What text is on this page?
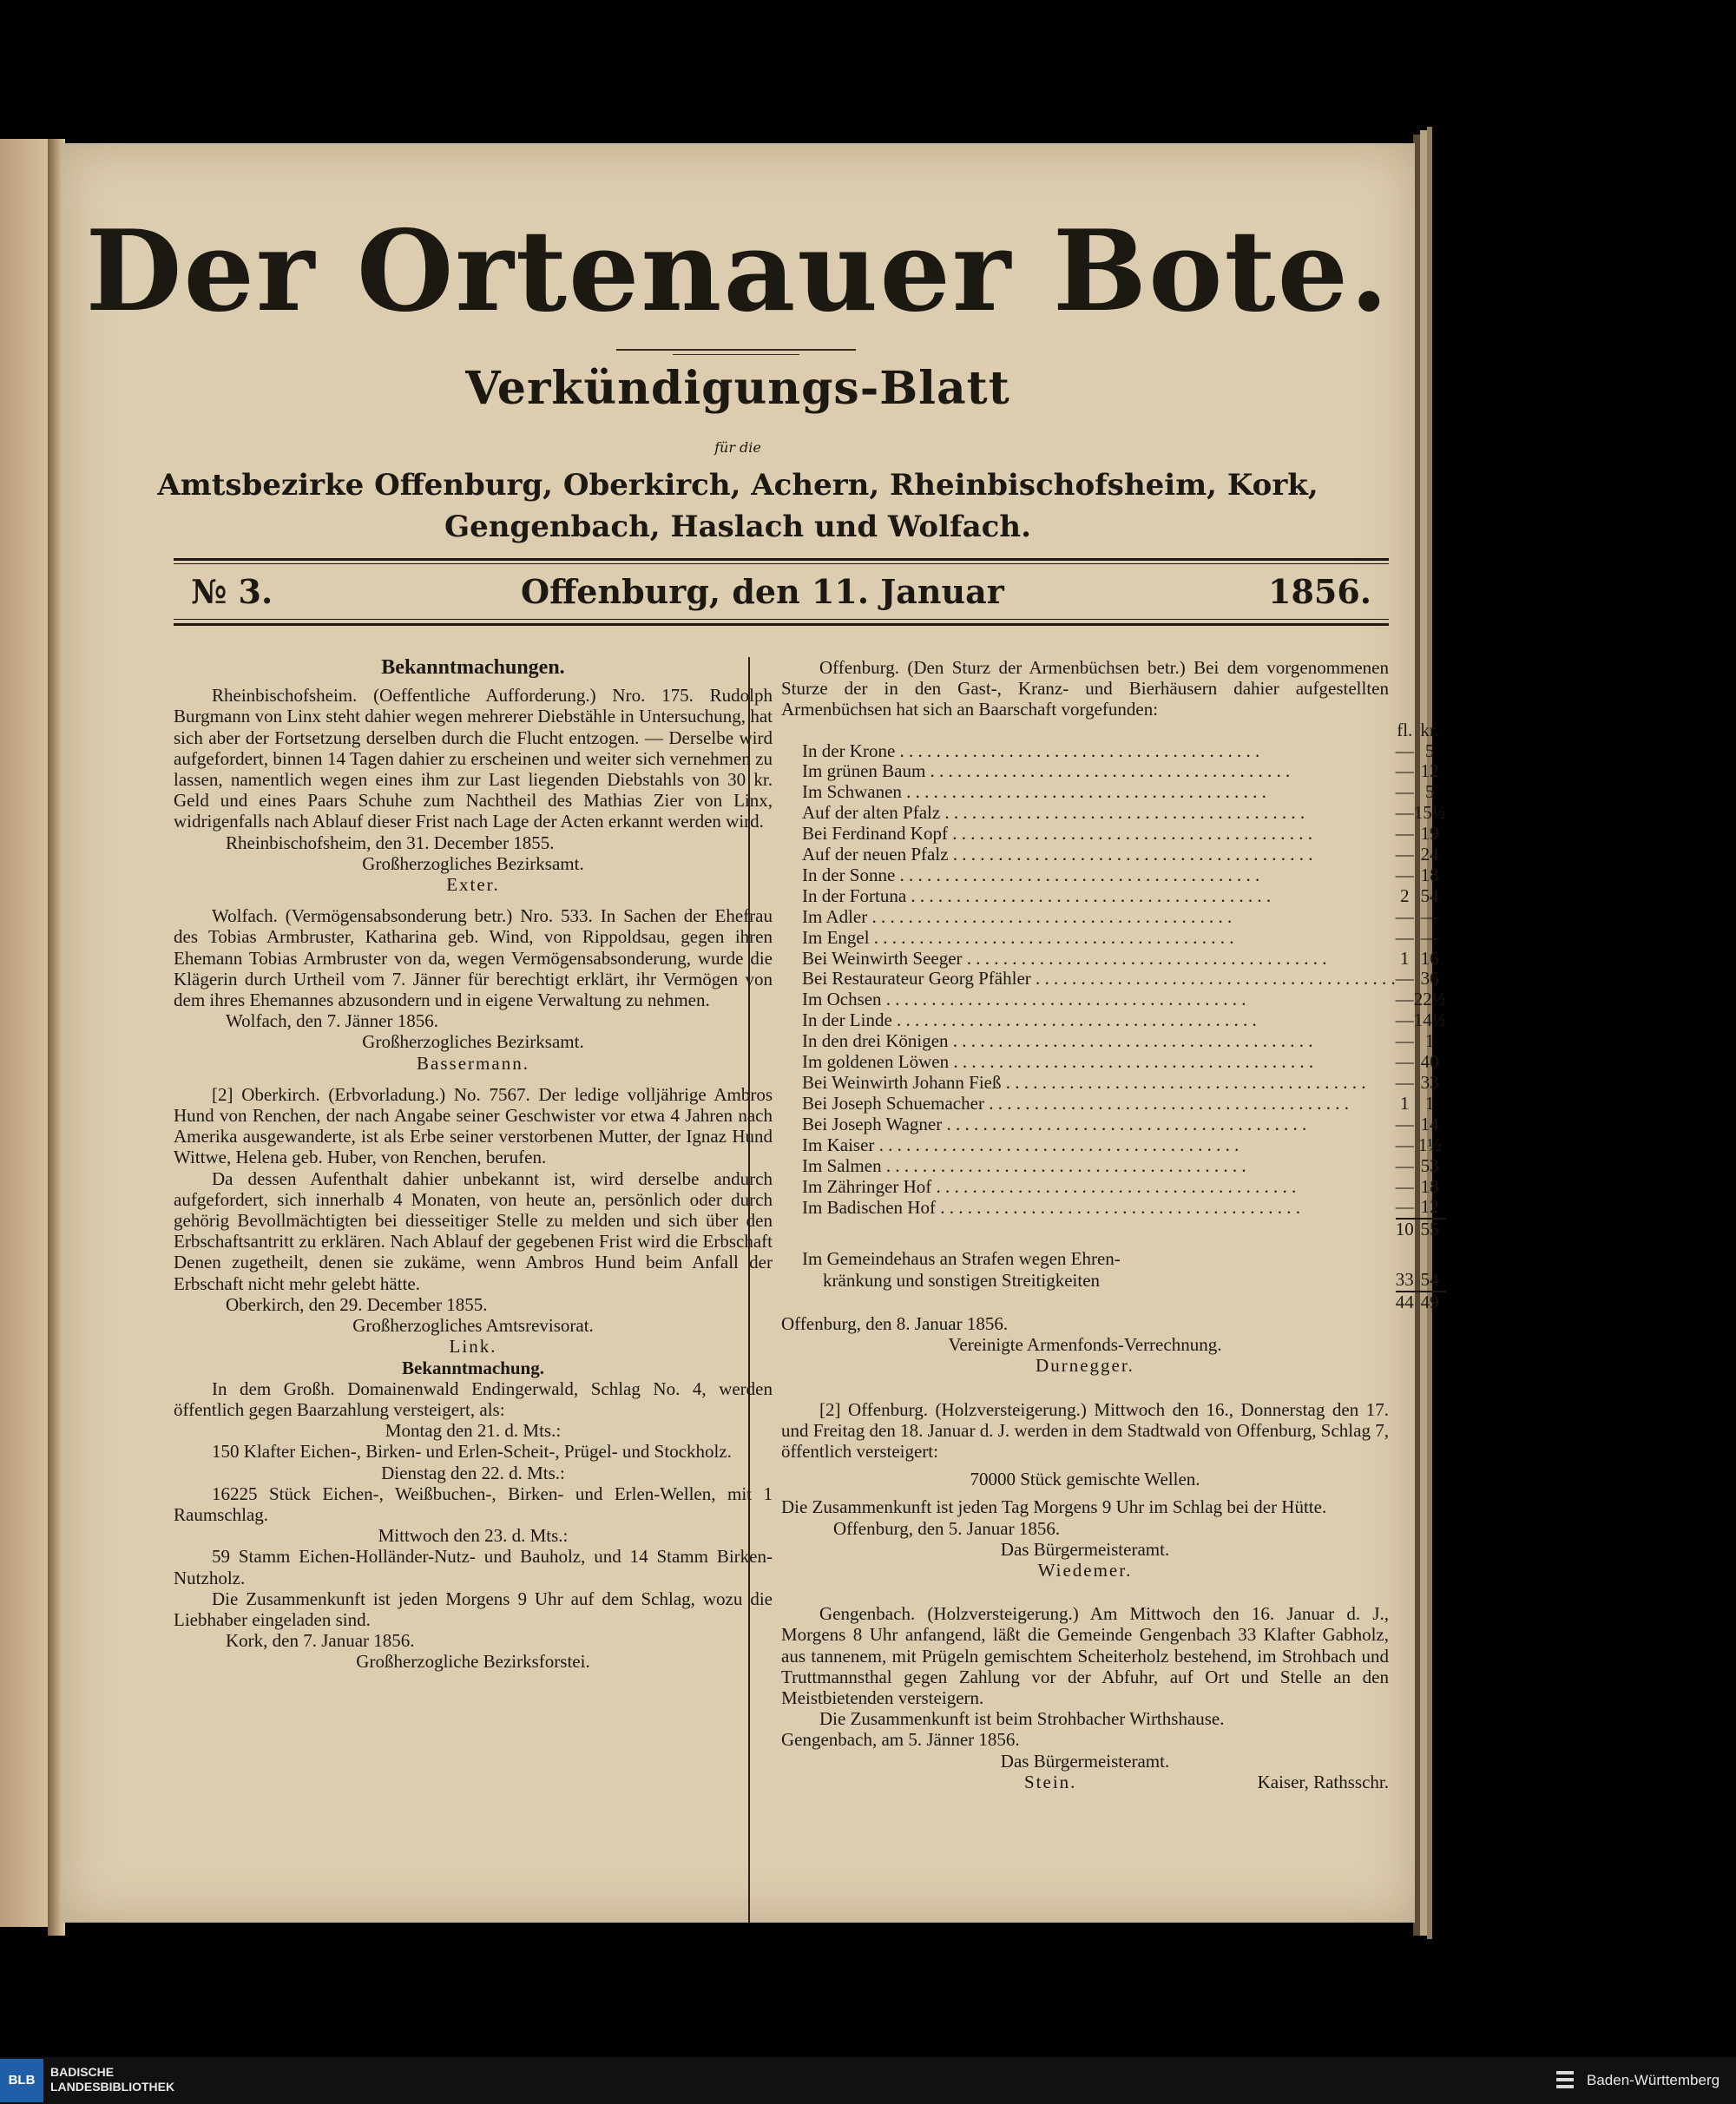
Der Ortenauer Bote.
Verkündigungs-Blatt
für die
Amtsbezirke Offenburg, Oberkirch, Achern, Rheinbischofsheim, Kork,
Gengenbach, Haslach und Wolfach.
№ 3.	Offenburg, den 11. Januar	1856.

Bekanntmachungen.

Rheinbischofsheim. (Oeffentliche Aufforderung.) Nro. 175. Rudolph Burgmann von Linx steht dahier wegen mehrerer Diebstähle in Untersuchung, hat sich aber der Fortsetzung derselben durch die Flucht entzogen. — Derselbe wird aufgefordert, binnen 14 Tagen dahier zu erscheinen und weiter sich vernehmen zu lassen, namentlich wegen eines ihm zur Last liegenden Diebstahls von 30 kr. Geld und eines Paars Schuhe zum Nachtheil des Mathias Zier von Linx, widrigenfalls nach Ablauf dieser Frist nach Lage der Acten erkannt werden wird.

Rheinbischofsheim, den 31. December 1855.

Großherzogliches Bezirksamt.

Exter.

Wolfach. (Vermögensabsonderung betr.) Nro. 533. In Sachen der Ehefrau des Tobias Armbruster, Katharina geb. Wind, von Rippoldsau, gegen ihren Ehemann Tobias Armbruster von da, wegen Vermögensabsonderung, wurde die Klägerin durch Urtheil vom 7. Jänner für berechtigt erklärt, ihr Vermögen von dem ihres Ehemannes abzusondern und in eigene Verwaltung zu nehmen.

Wolfach, den 7. Jänner 1856.

Großherzogliches Bezirksamt.

Bassermann.

[2] Oberkirch. (Erbvorladung.) No. 7567. Der ledige volljährige Ambros Hund von Renchen, der nach Angabe seiner Geschwister vor etwa 4 Jahren nach Amerika ausgewanderte, ist als Erbe seiner verstorbenen Mutter, der Ignaz Hund Wittwe, Helena geb. Huber, von Renchen, berufen.

Da dessen Aufenthalt dahier unbekannt ist, wird derselbe andurch aufgefordert, sich innerhalb 4 Monaten, von heute an, persönlich oder durch gehörig Bevollmächtigten bei diesseitiger Stelle zu melden und sich über den Erbschaftsantritt zu erklären. Nach Ablauf der gegebenen Frist wird die Erbschaft Denen zugetheilt, denen sie zukäme, wenn Ambros Hund beim Anfall der Erbschaft nicht mehr gelebt hätte.

Oberkirch, den 29. December 1855.

Großherzogliches Amtsrevisorat.

Link.

Bekanntmachung.

In dem Großh. Domainenwald Endingerwald, Schlag No. 4, werden öffentlich gegen Baarzahlung versteigert, als:

Montag den 21. d. Mts.:

150 Klafter Eichen-, Birken- und Erlen-Scheit-, Prügel- und Stockholz.

Dienstag den 22. d. Mts.:

16225 Stück Eichen-, Weißbuchen-, Birken- und Erlen-Wellen, mit 1 Raumschlag.

Mittwoch den 23. d. Mts.:

59 Stamm Eichen-Holländer-Nutz- und Bauholz, und 14 Stamm Birken-Nutzholz.

Die Zusammenkunft ist jeden Morgens 9 Uhr auf dem Schlag, wozu die Liebhaber eingeladen sind.

Kork, den 7. Januar 1856.

Großherzogliche Bezirksforstei.

Offenburg. (Den Sturz der Armenbüchsen betr.) Bei dem vorgenommenen Sturze der in den Gast-, Kranz- und Bierhäusern dahier aufgestellten Armenbüchsen hat sich an Baarschaft vorgefunden:

	fl.	kr.
In der Krone . . . . . . . . . . . . . . . . . . . . . . . . . . . . . . . . . . . . . . . .	—	5
Im grünen Baum . . . . . . . . . . . . . . . . . . . . . . . . . . . . . . . . . . . . . . . .	—	12
Im Schwanen . . . . . . . . . . . . . . . . . . . . . . . . . . . . . . . . . . . . . . . .	—	5
Auf der alten Pfalz . . . . . . . . . . . . . . . . . . . . . . . . . . . . . . . . . . . . . . . .	—	15½
Bei Ferdinand Kopf . . . . . . . . . . . . . . . . . . . . . . . . . . . . . . . . . . . . . . . .	—	19
Auf der neuen Pfalz . . . . . . . . . . . . . . . . . . . . . . . . . . . . . . . . . . . . . . . .	—	24
In der Sonne . . . . . . . . . . . . . . . . . . . . . . . . . . . . . . . . . . . . . . . .	—	18
In der Fortuna . . . . . . . . . . . . . . . . . . . . . . . . . . . . . . . . . . . . . . . .	2	54
Im Adler . . . . . . . . . . . . . . . . . . . . . . . . . . . . . . . . . . . . . . . .	—	—
Im Engel . . . . . . . . . . . . . . . . . . . . . . . . . . . . . . . . . . . . . . . .	—	—
Bei Weinwirth Seeger . . . . . . . . . . . . . . . . . . . . . . . . . . . . . . . . . . . . . . . .	1	16
Bei Restaurateur Georg Pfähler . . . . . . . . . . . . . . . . . . . . . . . . . . . . . . . . . . . . . . . .	—	36
Im Ochsen . . . . . . . . . . . . . . . . . . . . . . . . . . . . . . . . . . . . . . . .	—	22½
In der Linde . . . . . . . . . . . . . . . . . . . . . . . . . . . . . . . . . . . . . . . .	—	14½
In den drei Königen . . . . . . . . . . . . . . . . . . . . . . . . . . . . . . . . . . . . . . . .	—	1
Im goldenen Löwen . . . . . . . . . . . . . . . . . . . . . . . . . . . . . . . . . . . . . . . .	—	40
Bei Weinwirth Johann Fieß . . . . . . . . . . . . . . . . . . . . . . . . . . . . . . . . . . . . . . . .	—	33
Bei Joseph Schuemacher . . . . . . . . . . . . . . . . . . . . . . . . . . . . . . . . . . . . . . . .	1	1
Bei Joseph Wagner . . . . . . . . . . . . . . . . . . . . . . . . . . . . . . . . . . . . . . . .	—	14
Im Kaiser . . . . . . . . . . . . . . . . . . . . . . . . . . . . . . . . . . . . . . . .	—	1½
Im Salmen . . . . . . . . . . . . . . . . . . . . . . . . . . . . . . . . . . . . . . . .	—	53
Im Zähringer Hof . . . . . . . . . . . . . . . . . . . . . . . . . . . . . . . . . . . . . . . .	—	18
Im Badischen Hof . . . . . . . . . . . . . . . . . . . . . . . . . . . . . . . . . . . . . . . .	—	12
	10	55
Im Gemeindehaus an Strafen wegen Ehren-		
kränkung und sonstigen Streitigkeiten	33	54
	44	49

Offenburg, den 8. Januar 1856.

Vereinigte Armenfonds-Verrechnung.

Durnegger.

[2] Offenburg. (Holzversteigerung.) Mittwoch den 16., Donnerstag den 17. und Freitag den 18. Januar d. J. werden in dem Stadtwald von Offenburg, Schlag 7, öffentlich versteigert:

70000 Stück gemischte Wellen.

Die Zusammenkunft ist jeden Tag Morgens 9 Uhr im Schlag bei der Hütte.

Offenburg, den 5. Januar 1856.

Das Bürgermeisteramt.

Wiedemer.

Gengenbach. (Holzversteigerung.) Am Mittwoch den 16. Januar d. J., Morgens 8 Uhr anfangend, läßt die Gemeinde Gengenbach 33 Klafter Gabholz, aus tannenem, mit Prügeln gemischtem Scheiterholz bestehend, im Strohbach und Truttmannsthal gegen Zahlung vor der Abfuhr, auf Ort und Stelle an den Meistbietenden versteigern.

Die Zusammenkunft ist beim Strohbacher Wirthshause.

Gengenbach, am 5. Jänner 1856.

Das Bürgermeisteramt.

Stein.	Kaiser, Rathsschr.

BLB
BADISCHE
LANDESBIBLIOTHEK	Baden-Württemberg
